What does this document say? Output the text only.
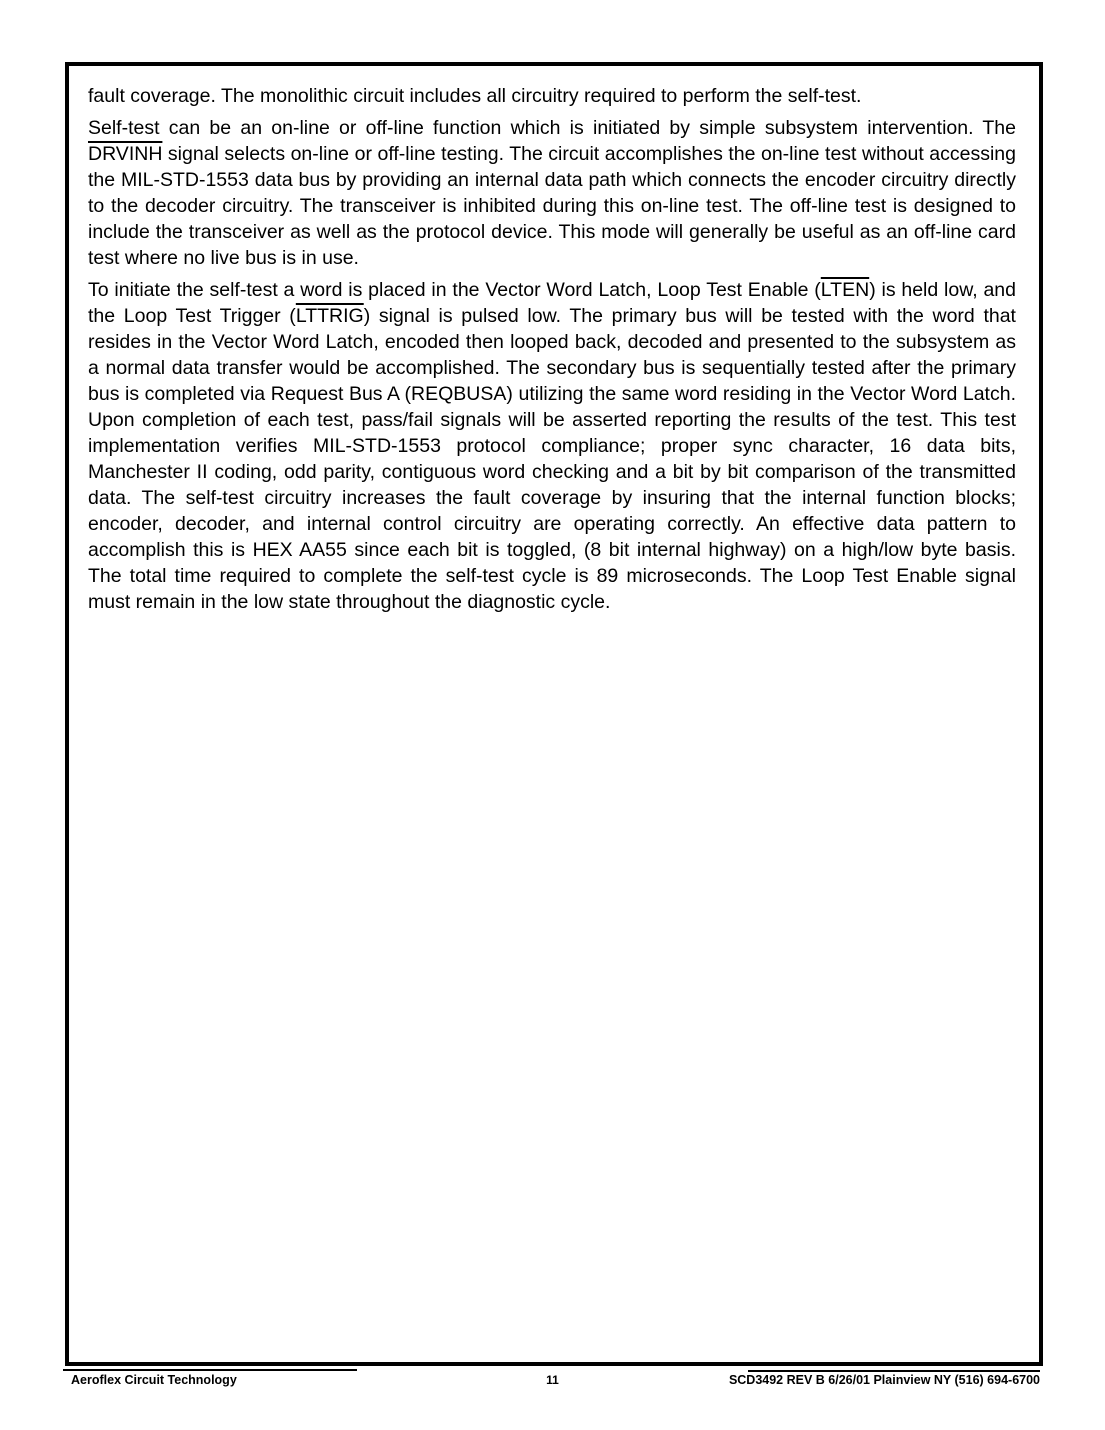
fault coverage. The monolithic circuit includes all circuitry required to perform the self-test.

Self-test can be an on-line or off-line function which is initiated by simple subsystem intervention. The DRVINH signal selects on-line or off-line testing. The circuit accomplishes the on-line test without accessing the MIL-STD-1553 data bus by providing an internal data path which connects the encoder circuitry directly to the decoder circuitry. The transceiver is inhibited during this on-line test. The off-line test is designed to include the transceiver as well as the protocol device. This mode will generally be useful as an off-line card test where no live bus is in use.

To initiate the self-test a word is placed in the Vector Word Latch, Loop Test Enable (LTEN) is held low, and the Loop Test Trigger (LTTRIG) signal is pulsed low. The primary bus will be tested with the word that resides in the Vector Word Latch, encoded then looped back, decoded and presented to the subsystem as a normal data transfer would be accomplished. The secondary bus is sequentially tested after the primary bus is completed via Request Bus A (REQBUSA) utilizing the same word residing in the Vector Word Latch. Upon completion of each test, pass/fail signals will be asserted reporting the results of the test. This test implementation verifies MIL-STD-1553 protocol compliance; proper sync character, 16 data bits, Manchester II coding, odd parity, contiguous word checking and a bit by bit comparison of the transmitted data. The self-test circuitry increases the fault coverage by insuring that the internal function blocks; encoder, decoder, and internal control circuitry are operating correctly. An effective data pattern to accomplish this is HEX AA55 since each bit is toggled, (8 bit internal highway) on a high/low byte basis. The total time required to complete the self-test cycle is 89 microseconds. The Loop Test Enable signal must remain in the low state throughout the diagnostic cycle.

Aeroflex Circuit Technology	11	SCD3492 REV B 6/26/01 Plainview NY (516) 694-6700
